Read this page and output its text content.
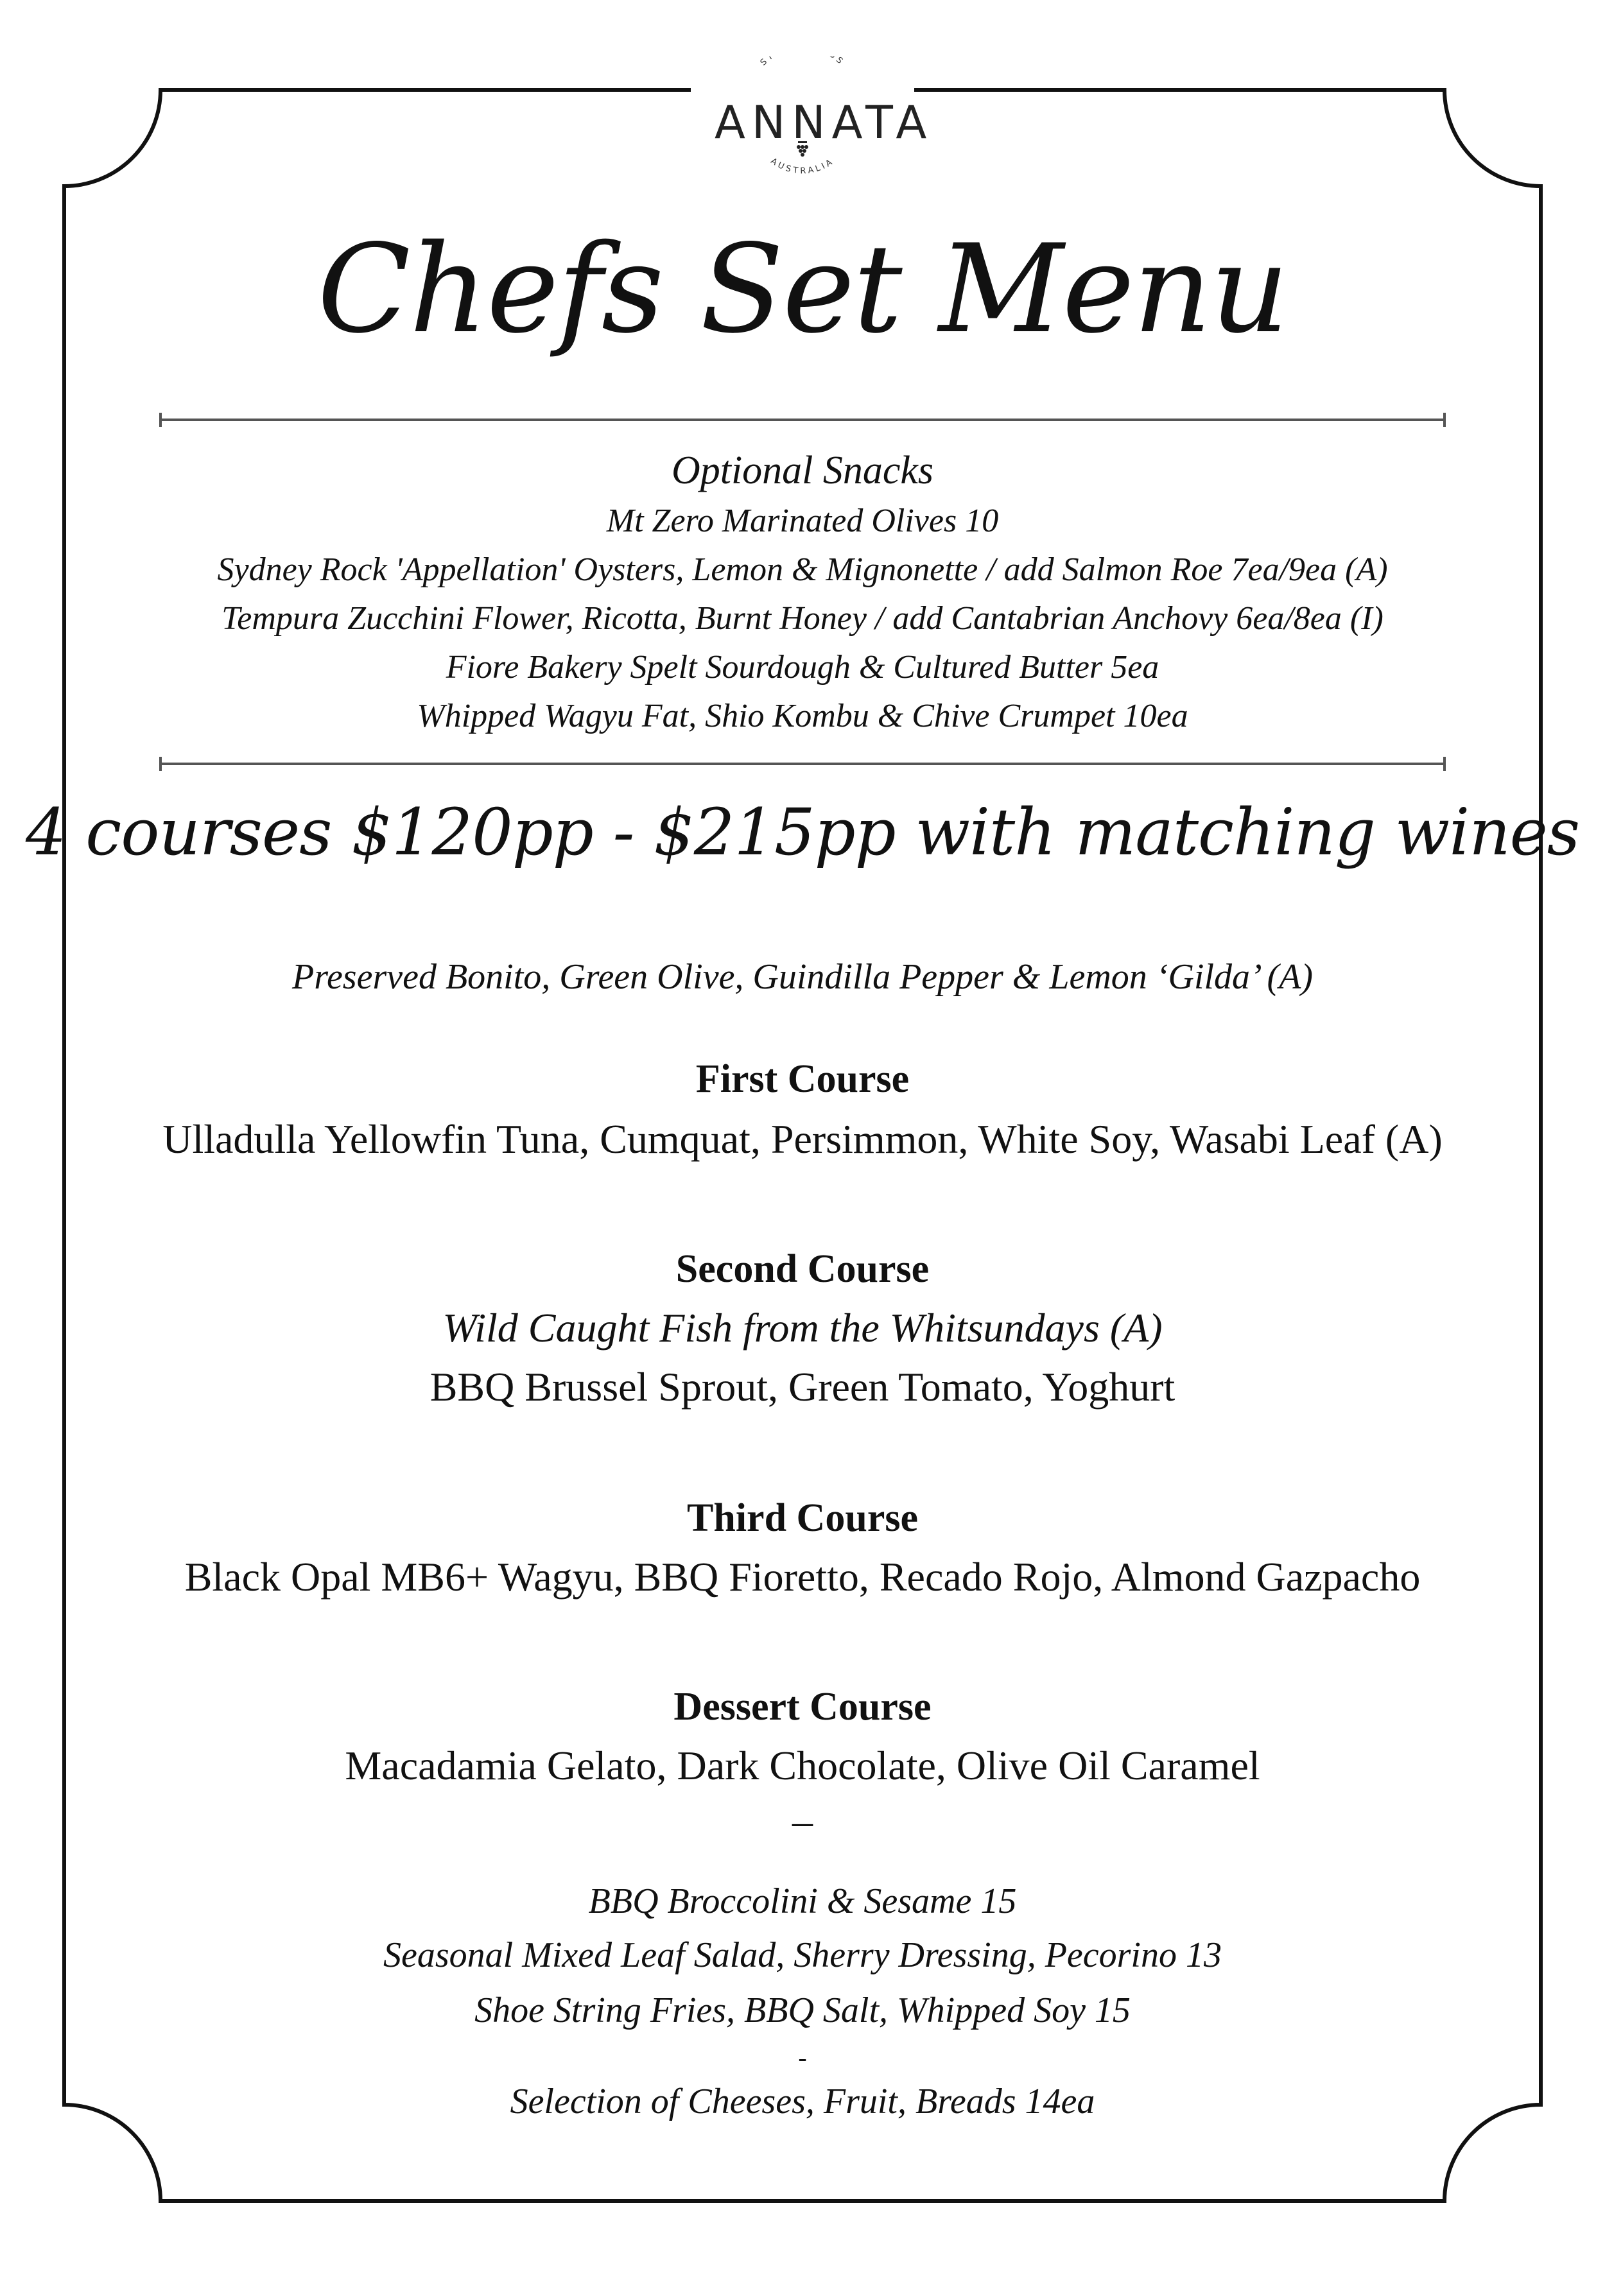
S S
AUSTRALIA
ANNATA
Chefs Set Menu
Optional Snacks
Mt Zero Marinated Olives 10
Sydney Rock 'Appellation' Oysters, Lemon & Mignonette / add Salmon Roe 7ea/9ea (A)
Tempura Zucchini Flower, Ricotta, Burnt Honey / add Cantabrian Anchovy 6ea/8ea (I)
Fiore Bakery Spelt Sourdough & Cultured Butter 5ea
Whipped Wagyu Fat, Shio Kombu & Chive Crumpet 10ea
4 courses $120pp - $215pp with matching wines
Preserved Bonito, Green Olive, Guindilla Pepper & Lemon ‘Gilda’ (A)
First Course
Ulladulla Yellowfin Tuna, Cumquat, Persimmon, White Soy, Wasabi Leaf (A)
Second Course
Wild Caught Fish from the Whitsundays (A)
BBQ Brussel Sprout, Green Tomato, Yoghurt
Third Course
Black Opal MB6+ Wagyu, BBQ Fioretto, Recado Rojo, Almond Gazpacho
Dessert Course
Macadamia Gelato, Dark Chocolate, Olive Oil Caramel
–
BBQ Broccolini & Sesame 15
Seasonal Mixed Leaf Salad, Sherry Dressing, Pecorino 13
Shoe String Fries, BBQ Salt, Whipped Soy 15
-
Selection of Cheeses, Fruit, Breads 14ea
